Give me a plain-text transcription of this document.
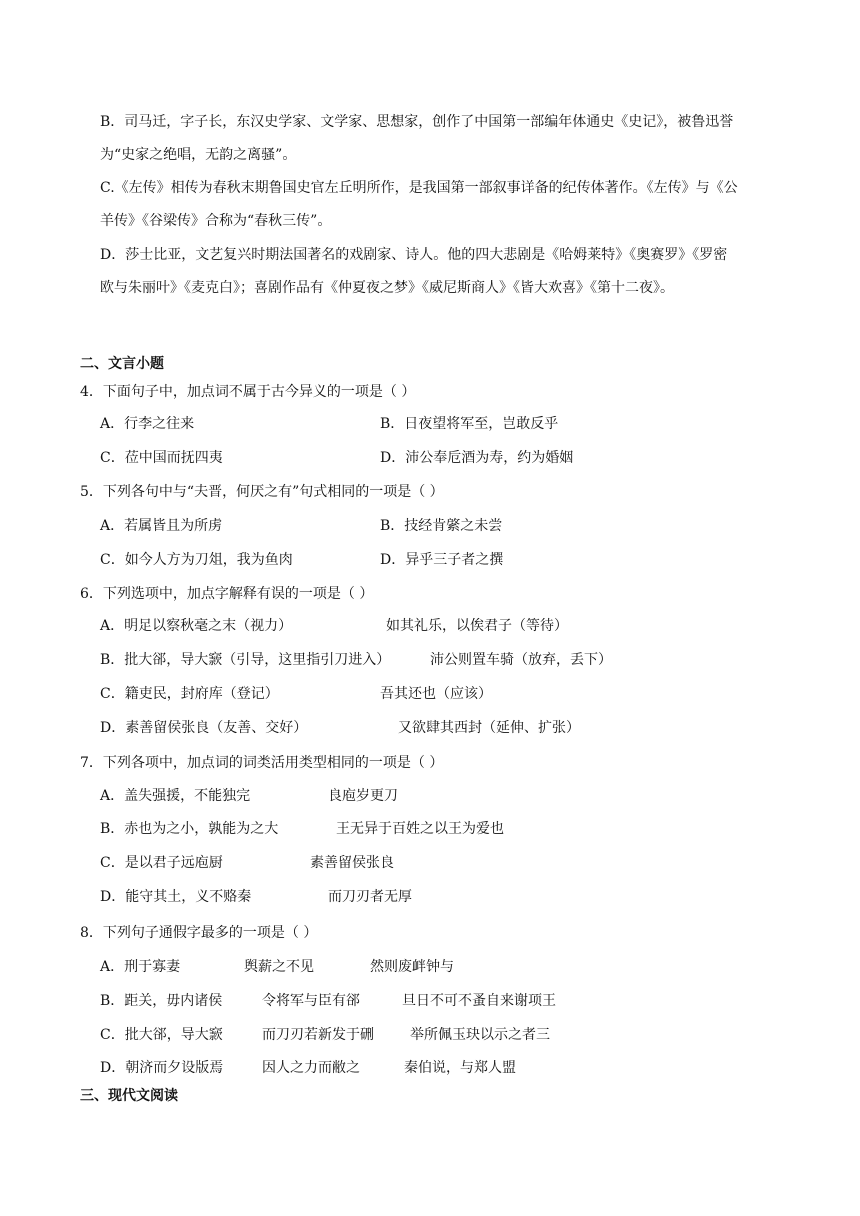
B．司马迁，字子长，东汉史学家、文学家、思想家，创作了中国第一部编年体通史《史记》，被鲁迅誉
为“史家之绝唱，无韵之离骚”。
C.《左传》相传为春秋末期鲁国史官左丘明所作，是我国第一部叙事详备的纪传体著作。《左传》与《公
羊传》《谷梁传》合称为“春秋三传”。
D．莎士比亚，文艺复兴时期法国著名的戏剧家、诗人。他的四大悲剧是《哈姆莱特》《奥赛罗》《罗密
欧与朱丽叶》《麦克白》；喜剧作品有《仲夏夜之梦》《威尼斯商人》《皆大欢喜》《第十二夜》。
二、文言小题
4．下面句子中，加点词不属于古今异义的一项是（ ）
A．行李之往来	B．日夜望将军至，岂敢反乎
C．莅中国而抚四夷	D．沛公奉卮酒为寿，约为婚姻
5．下列各句中与“夫晋，何厌之有”句式相同的一项是（ ）
A．若属皆且为所虏	B．技经肯綮之未尝
C．如今人方为刀俎，我为鱼肉	D．异乎三子者之撰
6．下列选项中，加点字解释有误的一项是（ ）
A．明足以察秋毫之末（视力）	如其礼乐，以俟君子（等待）
B．批大郤，导大窾（引导，这里指引刀进入）	沛公则置车骑（放弃，丢下）
C．籍吏民，封府库（登记）	吾其还也（应该）
D．素善留侯张良（友善、交好）	又欲肆其西封（延伸、扩张）
7．下列各项中，加点词的词类活用类型相同的一项是（ ）
A．盖失强援，不能独完	良庖岁更刀
B．赤也为之小，孰能为之大	王无异于百姓之以王为爱也
C．是以君子远庖厨	素善留侯张良
D．能守其土，义不赂秦	而刀刃者无厚
8．下列句子通假字最多的一项是（ ）
A．刑于寡妻	舆薪之不见	然则废衅钟与
B．距关，毋内诸侯	令将军与臣有郤	旦日不可不蚤自来谢项王
C．批大郤，导大窾	而刀刃若新发于硎	举所佩玉玦以示之者三
D．朝济而夕设版焉	因人之力而敝之	秦伯说，与郑人盟
三、现代文阅读
